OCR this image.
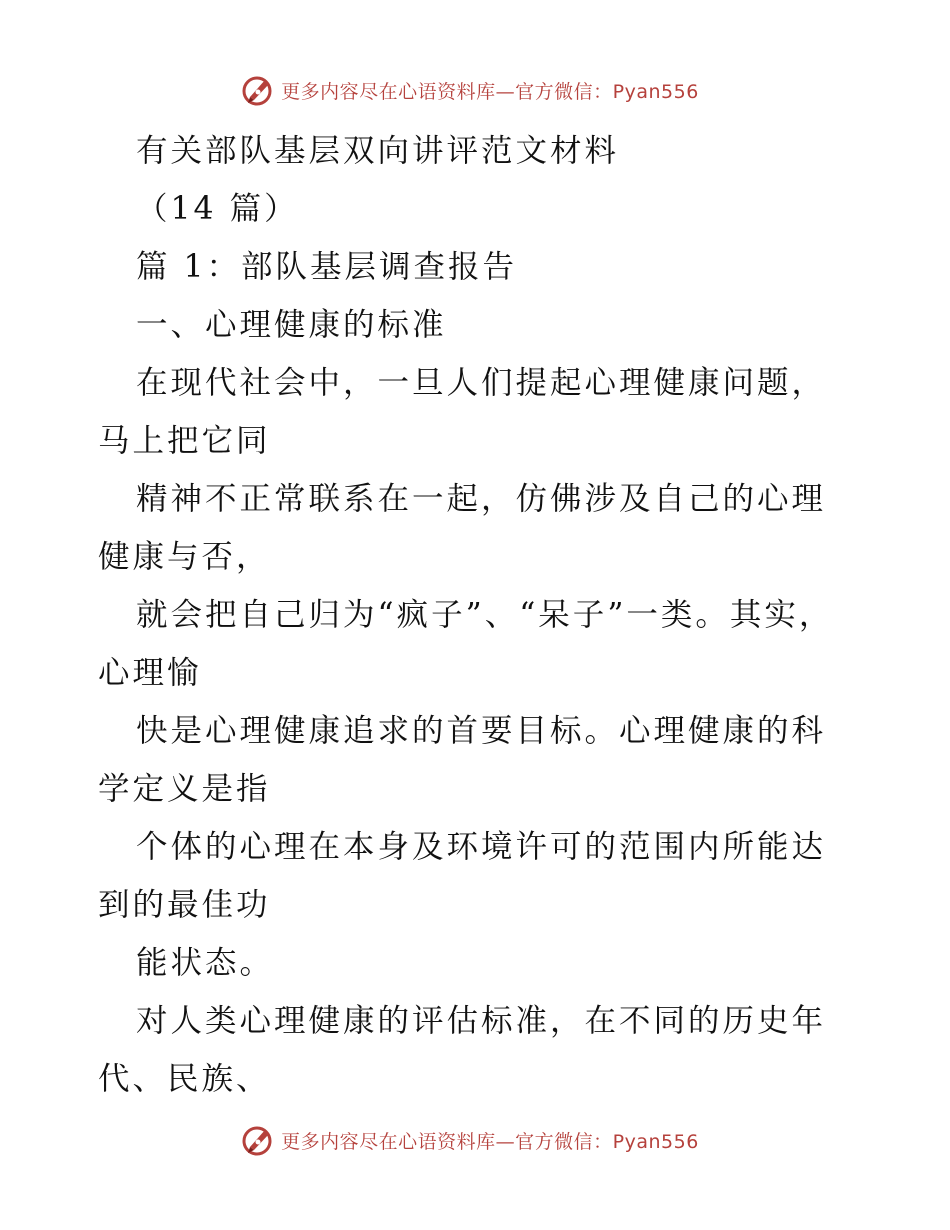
更多内容尽在心语资料库—官方微信：Pyan556

有关部队基层双向讲评范文材料

（14 篇）

篇 1：部队基层调查报告

一、心理健康的标准

在现代社会中，一旦人们提起心理健康问题，马上把它同

精神不正常联系在一起，仿佛涉及自己的心理健康与否，

就会把自己归为“疯子”、“呆子”一类。其实，心理愉

快是心理健康追求的首要目标。心理健康的科学定义是指

个体的心理在本身及环境许可的范围内所能达到的最佳功

能状态。

对人类心理健康的评估标准，在不同的历史年代、民族、

更多内容尽在心语资料库—官方微信：Pyan556
